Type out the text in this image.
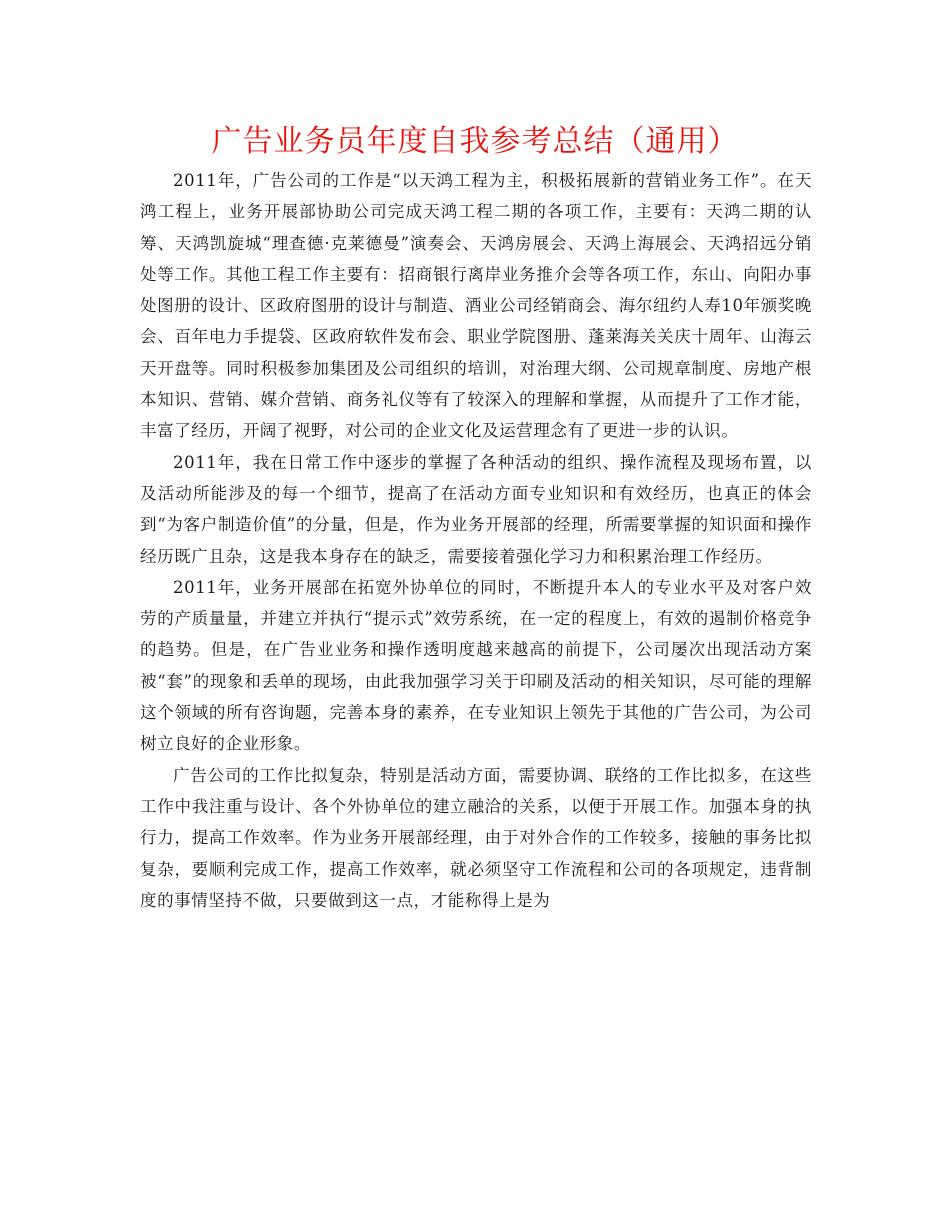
广告业务员年度自我参考总结（通用）

2011年，广告公司的工作是“以天鸿工程为主，积极拓展新的营销业务工作”。在天鸿工程上，业务开展部协助公司完成天鸿工程二期的各项工作，主要有：天鸿二期的认筹、天鸿凯旋城“理查德·克莱德曼”演奏会、天鸿房展会、天鸿上海展会、天鸿招远分销处等工作。其他工程工作主要有：招商银行离岸业务推介会等各项工作，东山、向阳办事处图册的设计、区政府图册的设计与制造、酒业公司经销商会、海尔纽约人寿10年颁奖晚会、百年电力手提袋、区政府软件发布会、职业学院图册、蓬莱海关关庆十周年、山海云天开盘等。同时积极参加集团及公司组织的培训，对治理大纲、公司规章制度、房地产根本知识、营销、媒介营销、商务礼仪等有了较深入的理解和掌握，从而提升了工作才能，丰富了经历，开阔了视野，对公司的企业文化及运营理念有了更进一步的认识。

2011年，我在日常工作中逐步的掌握了各种活动的组织、操作流程及现场布置，以及活动所能涉及的每一个细节，提高了在活动方面专业知识和有效经历，也真正的体会到“为客户制造价值”的分量，但是，作为业务开展部的经理，所需要掌握的知识面和操作经历既广且杂，这是我本身存在的缺乏，需要接着强化学习力和积累治理工作经历。

2011年，业务开展部在拓宽外协单位的同时，不断提升本人的专业水平及对客户效劳的产质量量，并建立并执行“提示式”效劳系统，在一定的程度上，有效的遏制价格竞争的趋势。但是，在广告业业务和操作透明度越来越高的前提下，公司屡次出现活动方案被“套”的现象和丢单的现场，由此我加强学习关于印刷及活动的相关知识，尽可能的理解这个领域的所有咨询题，完善本身的素养，在专业知识上领先于其他的广告公司，为公司树立良好的企业形象。

广告公司的工作比拟复杂，特别是活动方面，需要协调、联络的工作比拟多，在这些工作中我注重与设计、各个外协单位的建立融洽的关系，以便于开展工作。加强本身的执行力，提高工作效率。作为业务开展部经理，由于对外合作的工作较多，接触的事务比拟复杂，要顺利完成工作，提高工作效率，就必须坚守工作流程和公司的各项规定，违背制度的事情坚持不做，只要做到这一点，才能称得上是为
